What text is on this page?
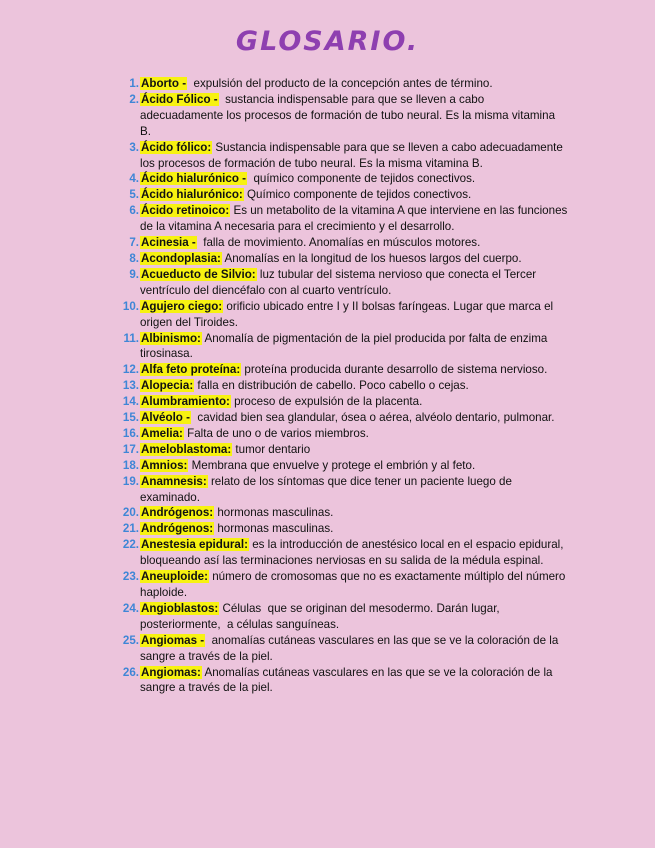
GLOSARIO.
1. Aborto -  expulsión del producto de la concepción antes de término.
2. Ácido Fólico -  sustancia indispensable para que se lleven a cabo adecuadamente los procesos de formación de tubo neural. Es la misma vitamina B.
3. Ácido fólico: Sustancia indispensable para que se lleven a cabo adecuadamente los procesos de formación de tubo neural. Es la misma vitamina B.
4. Ácido hialurónico -  químico componente de tejidos conectivos.
5. Ácido hialurónico: Químico componente de tejidos conectivos.
6. Ácido retinoico: Es un metabolito de la vitamina A que interviene en las funciones de la vitamina A necesaria para el crecimiento y el desarrollo.
7. Acinesia -  falla de movimiento. Anomalías en músculos motores.
8. Acondoplasia: Anomalías en la longitud de los huesos largos del cuerpo.
9. Acueducto de Silvio: luz tubular del sistema nervioso que conecta el Tercer ventrículo del diencéfalo con al cuarto ventrículo.
10. Agujero ciego: orificio ubicado entre I y II bolsas faríngeas. Lugar que marca el origen del Tiroides.
11. Albinismo: Anomalía de pigmentación de la piel producida por falta de enzima tirosinasa.
12. Alfa feto proteína: proteína producida durante desarrollo de sistema nervioso.
13. Alopecia: falla en distribución de cabello. Poco cabello o cejas.
14. Alumbramiento: proceso de expulsión de la placenta.
15. Alvéolo -  cavidad bien sea glandular, ósea o aérea, alvéolo dentario, pulmonar.
16. Amelia: Falta de uno o de varios miembros.
17. Ameloblastoma: tumor dentario
18. Amnios: Membrana que envuelve y protege el embrión y al feto.
19. Anamnesis: relato de los síntomas que dice tener un paciente luego de examinado.
20. Andrógenos: hormonas masculinas.
21. Andrógenos: hormonas masculinas.
22. Anestesia epidural: es la introducción de anestésico local en el espacio epidural, bloqueando así las terminaciones nerviosas en su salida de la médula espinal.
23. Aneuploide: número de cromosomas que no es exactamente múltiplo del número haploide.
24. Angioblastos: Células  que se originan del mesodermo. Darán lugar, posteriormente,  a células sanguíneas.
25. Angiomas -  anomalías cutáneas vasculares en las que se ve la coloración de la sangre a través de la piel.
26. Angiomas: Anomalías cutáneas vasculares en las que se ve la coloración de la sangre a través de la piel.
